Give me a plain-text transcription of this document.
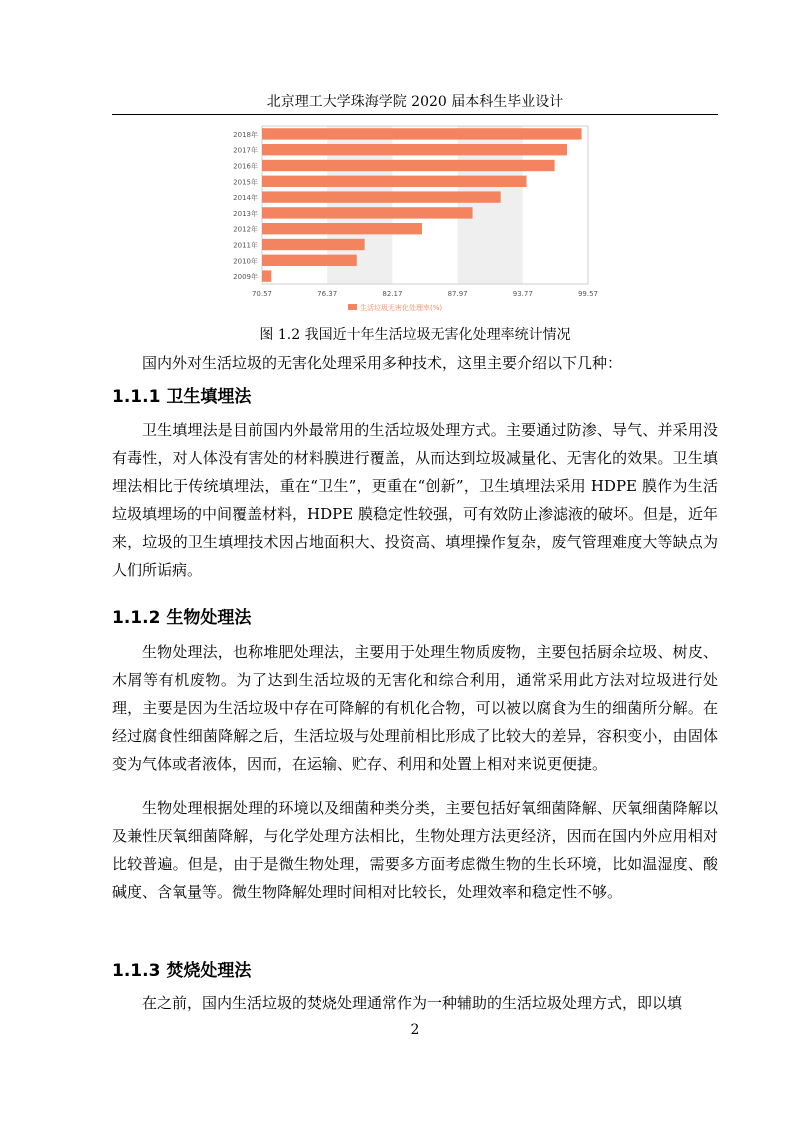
北京理工大学珠海学院 2020 届本科生毕业设计
2009年
2010年
2011年
2012年
2013年
2014年
2015年
2016年
2017年
2018年
70.57	76.37	82.17	87.97	93.77	99.57
生活垃圾无害化处理率(%)
图 1.2 我国近十年生活垃圾无害化处理率统计情况

国内外对生活垃圾的无害化处理采用多种技术，这里主要介绍以下几种：

1.1.1 卫生填埋法

卫生填埋法是目前国内外最常用的生活垃圾处理方式。主要通过防渗、导气、并采用没有毒性，对人体没有害处的材料膜进行覆盖，从而达到垃圾减量化、无害化的效果。卫生填埋法相比于传统填埋法，重在“卫生”，更重在“创新”，卫生填埋法采用 HDPE 膜作为生活垃圾填埋场的中间覆盖材料，HDPE 膜稳定性较强，可有效防止渗滤液的破坏。但是，近年来，垃圾的卫生填埋技术因占地面积大、投资高、填埋操作复杂，废气管理难度大等缺点为人们所诟病。

1.1.2 生物处理法

生物处理法，也称堆肥处理法，主要用于处理生物质废物，主要包括厨余垃圾、树皮、木屑等有机废物。为了达到生活垃圾的无害化和综合利用，通常采用此方法对垃圾进行处理，主要是因为生活垃圾中存在可降解的有机化合物，可以被以腐食为生的细菌所分解。在经过腐食性细菌降解之后，生活垃圾与处理前相比形成了比较大的差异，容积变小，由固体变为气体或者液体，因而，在运输、贮存、利用和处置上相对来说更便捷。

生物处理根据处理的环境以及细菌种类分类，主要包括好氧细菌降解、厌氧细菌降解以及兼性厌氧细菌降解，与化学处理方法相比，生物处理方法更经济，因而在国内外应用相对比较普遍。但是，由于是微生物处理，需要多方面考虑微生物的生长环境，比如温湿度、酸碱度、含氧量等。微生物降解处理时间相对比较长，处理效率和稳定性不够。

1.1.3 焚烧处理法

在之前，国内生活垃圾的焚烧处理通常作为一种辅助的生活垃圾处理方式，即以填

2
